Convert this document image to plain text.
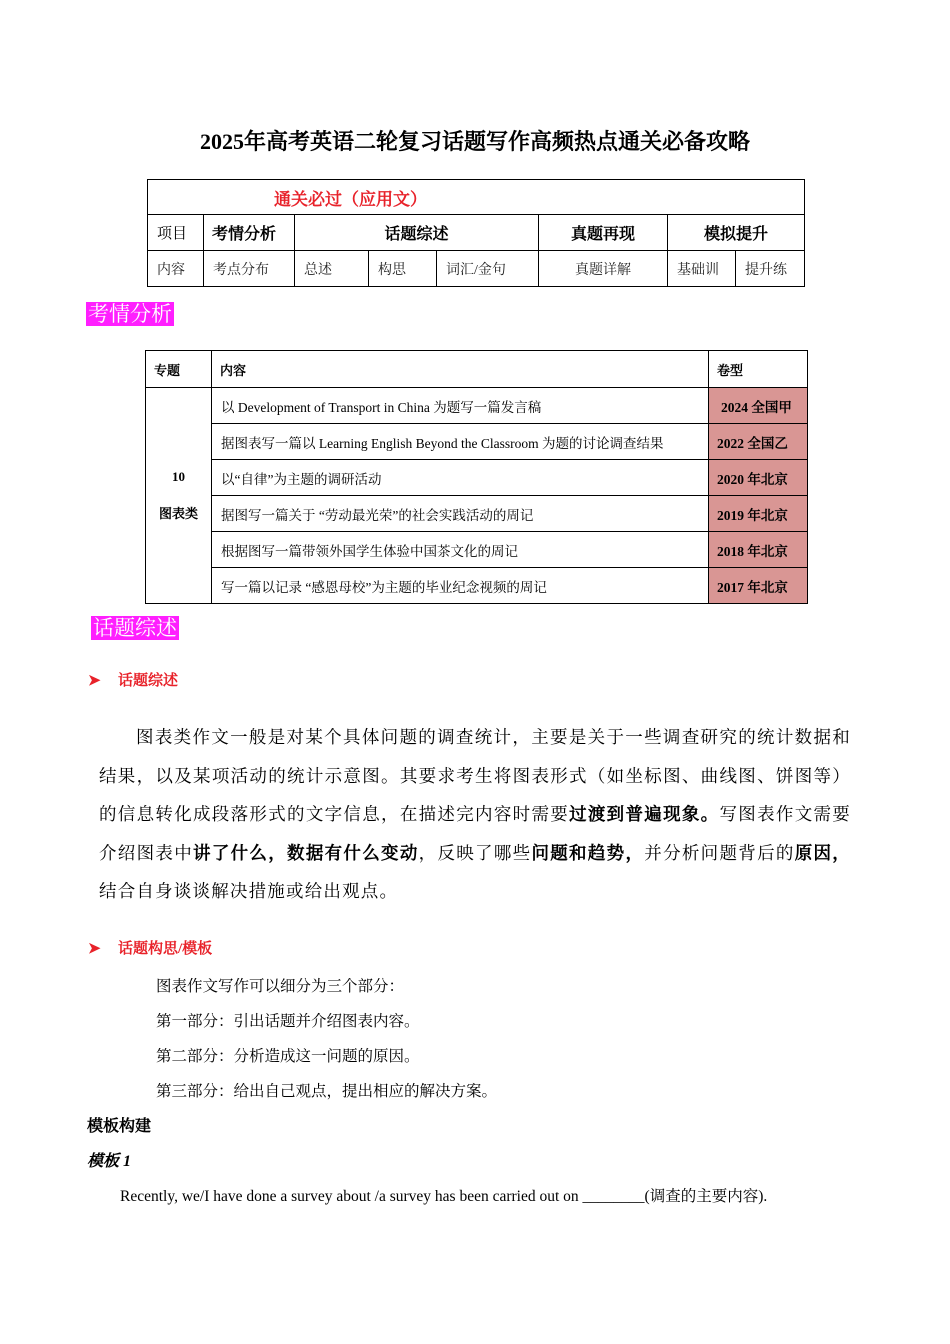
2025年高考英语二轮复习话题写作高频热点通关必备攻略
通关必过（应用文）							
项目	考情分析	话题综述			真题再现	模拟提升	
内容	考点分布	总述	构思	词汇/金句	真题详解	基础训	提升练
考情分析
专题	内容	卷型

10
图表类	以 Development of Transport in China 为题写一篇发言稿	2024 全国甲
	据图表写一篇以 Learning English Beyond the Classroom 为题的讨论调查结果	2022 全国乙
	以“自律”为主题的调研活动	2020 年北京
	据图写一篇关于 “劳动最光荣”的社会实践活动的周记	2019 年北京
	根据图写一篇带领外国学生体验中国茶文化的周记	2018 年北京
	写一篇以记录 “感恩母校”为主题的毕业纪念视频的周记	2017 年北京
话题综述
➤ 话题综述
图表类作文一般是对某个具体问题的调查统计，主要是关于一些调查研究的统计数据和结果，以及某项活动的统计示意图。其要求考生将图表形式（如坐标图、曲线图、饼图等）的信息转化成段落形式的文字信息，在描述完内容时需要过渡到普遍现象。写图表作文需要介绍图表中讲了什么，数据有什么变动，反映了哪些问题和趋势，并分析问题背后的原因，结合自身谈谈解决措施或给出观点。
➤ 话题构思/模板
图表作文写作可以细分为三个部分：
第一部分：引出话题并介绍图表内容。
第二部分：分析造成这一问题的原因。
第三部分：给出自己观点，提出相应的解决方案。
模板构建
模板 1
Recently, we/I have done a survey about /a survey has been carried out on ________(调查的主要内容).
